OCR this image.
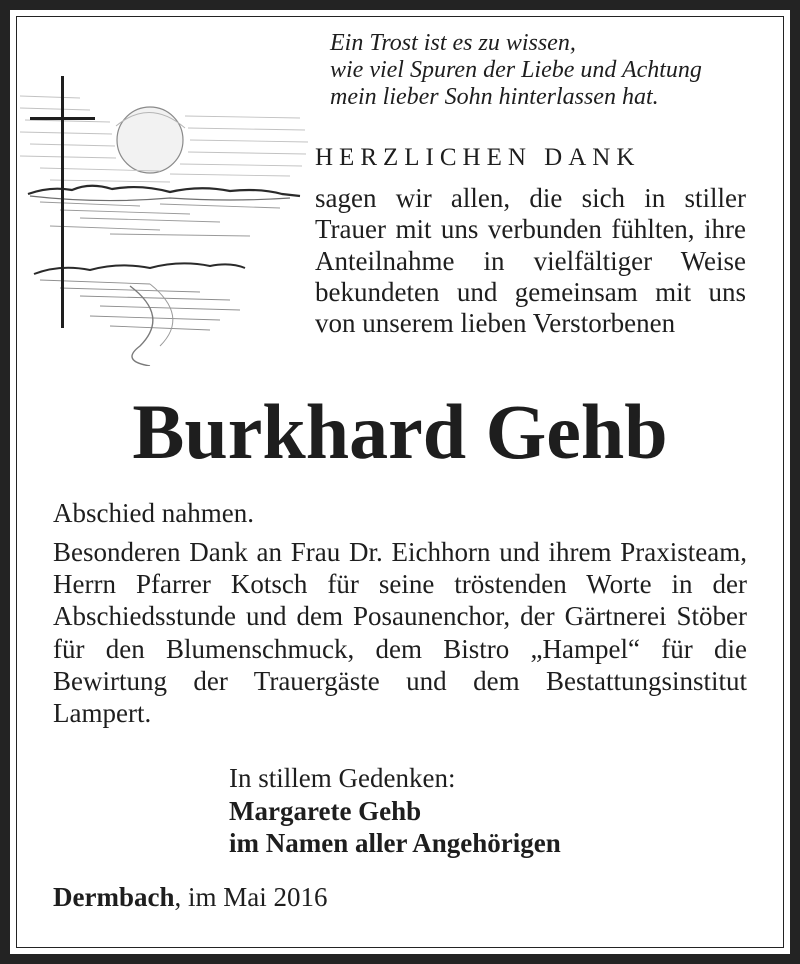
Ein Trost ist es zu wissen,
wie viel Spuren der Liebe und Achtung
mein lieber Sohn hinterlassen hat.
HERZLICHEN DANK
sagen wir allen, die sich in stiller Trauer mit uns verbunden fühlten, ihre Anteilnahme in vielfältiger Weise bekundeten und gemeinsam mit uns von unserem lieben Verstorbenen
Burkhard Gehb
Abschied nahmen.
Besonderen Dank an Frau Dr. Eichhorn und ihrem Praxisteam, Herrn Pfarrer Kotsch für seine tröstenden Worte in der Abschiedsstunde und dem Posaunenchor, der Gärtnerei Stöber für den Blumenschmuck, dem Bistro „Hampel“ für die Bewirtung der Trauergäste und dem Bestattungsinstitut Lampert.
In stillem Gedenken:
Margarete Gehb
im Namen aller Angehörigen
Dermbach, im Mai 2016
